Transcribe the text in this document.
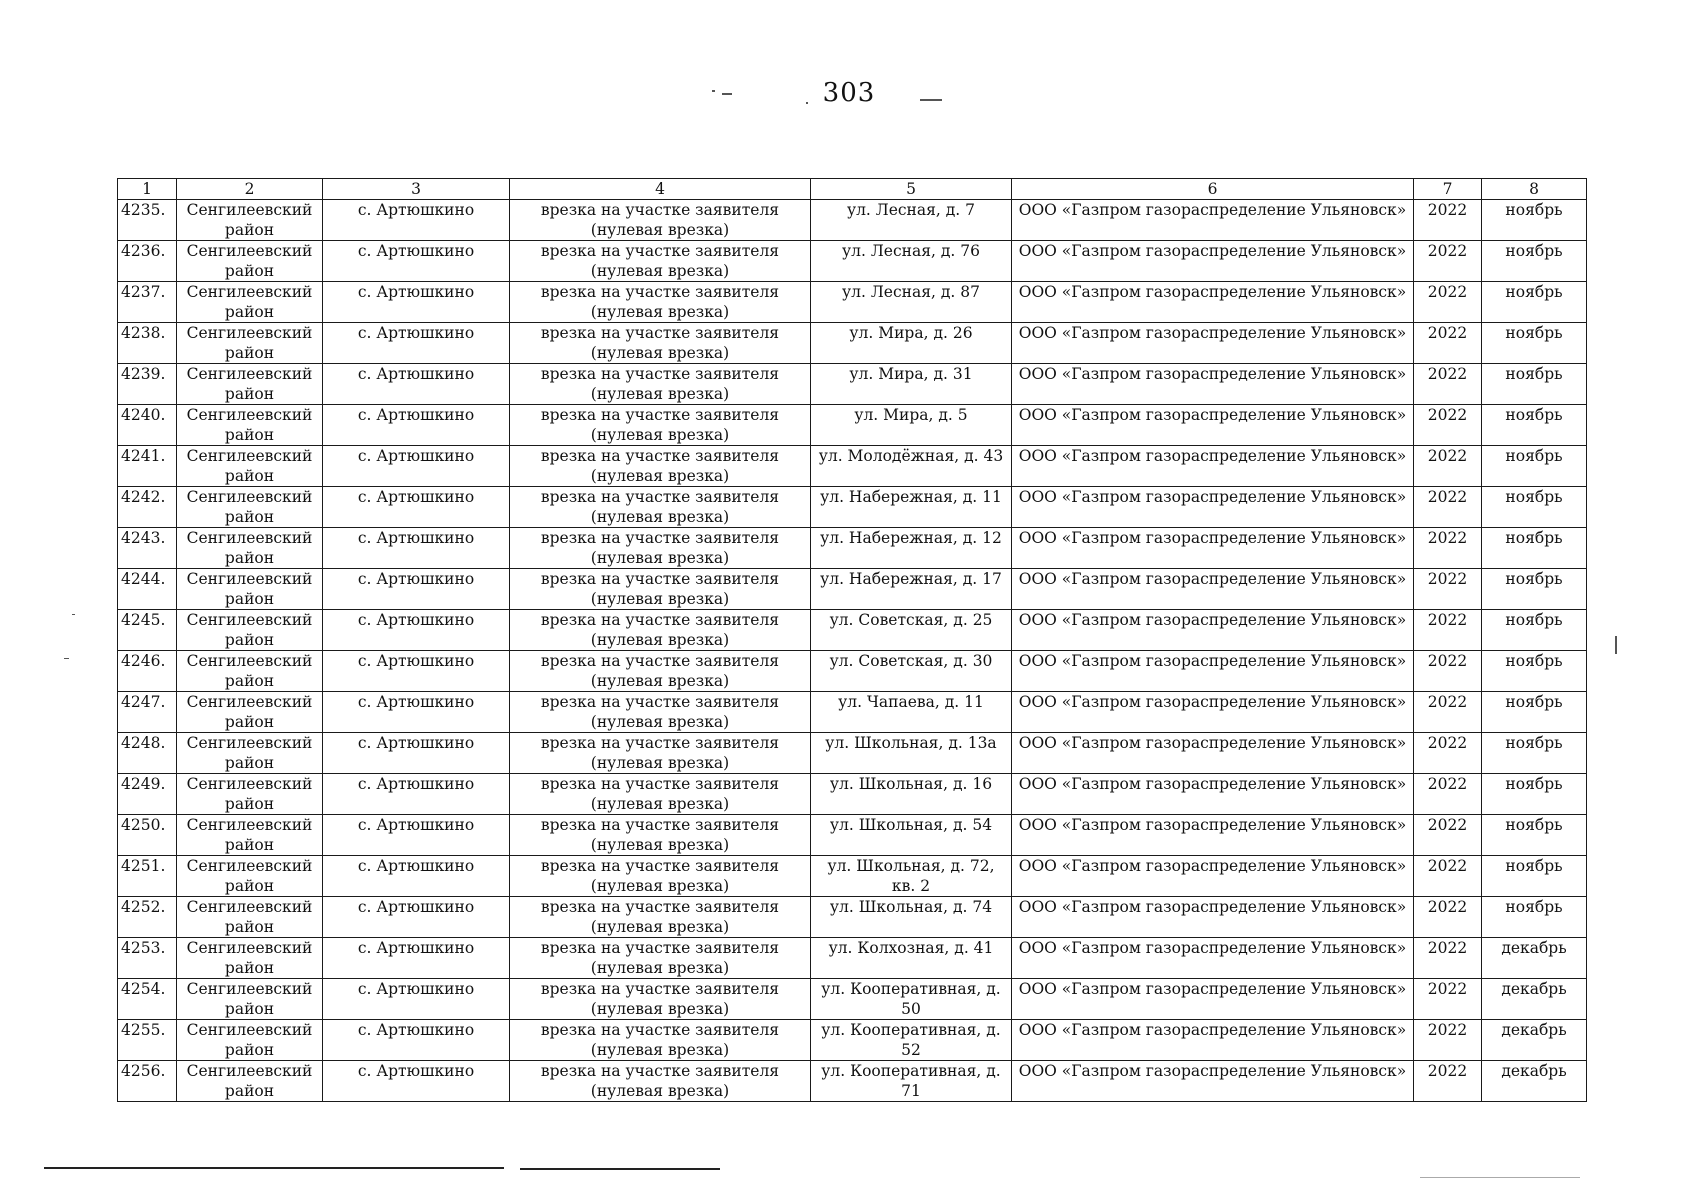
303
1	2	3	4	5	6	7	8
4235.	Сенгилеевский район	с. Артюшкино	врезка на участке заявителя (нулевая врезка)	ул. Лесная, д. 7	ООО «Газпром газораспределение Ульяновск»	2022	ноябрь
4236.	Сенгилеевский район	с. Артюшкино	врезка на участке заявителя (нулевая врезка)	ул. Лесная, д. 76	ООО «Газпром газораспределение Ульяновск»	2022	ноябрь
4237.	Сенгилеевский район	с. Артюшкино	врезка на участке заявителя (нулевая врезка)	ул. Лесная, д. 87	ООО «Газпром газораспределение Ульяновск»	2022	ноябрь
4238.	Сенгилеевский район	с. Артюшкино	врезка на участке заявителя (нулевая врезка)	ул. Мира, д. 26	ООО «Газпром газораспределение Ульяновск»	2022	ноябрь
4239.	Сенгилеевский район	с. Артюшкино	врезка на участке заявителя (нулевая врезка)	ул. Мира, д. 31	ООО «Газпром газораспределение Ульяновск»	2022	ноябрь
4240.	Сенгилеевский район	с. Артюшкино	врезка на участке заявителя (нулевая врезка)	ул. Мира, д. 5	ООО «Газпром газораспределение Ульяновск»	2022	ноябрь
4241.	Сенгилеевский район	с. Артюшкино	врезка на участке заявителя (нулевая врезка)	ул. Молодёжная, д. 43	ООО «Газпром газораспределение Ульяновск»	2022	ноябрь
4242.	Сенгилеевский район	с. Артюшкино	врезка на участке заявителя (нулевая врезка)	ул. Набережная, д. 11	ООО «Газпром газораспределение Ульяновск»	2022	ноябрь
4243.	Сенгилеевский район	с. Артюшкино	врезка на участке заявителя (нулевая врезка)	ул. Набережная, д. 12	ООО «Газпром газораспределение Ульяновск»	2022	ноябрь
4244.	Сенгилеевский район	с. Артюшкино	врезка на участке заявителя (нулевая врезка)	ул. Набережная, д. 17	ООО «Газпром газораспределение Ульяновск»	2022	ноябрь
4245.	Сенгилеевский район	с. Артюшкино	врезка на участке заявителя (нулевая врезка)	ул. Советская, д. 25	ООО «Газпром газораспределение Ульяновск»	2022	ноябрь
4246.	Сенгилеевский район	с. Артюшкино	врезка на участке заявителя (нулевая врезка)	ул. Советская, д. 30	ООО «Газпром газораспределение Ульяновск»	2022	ноябрь
4247.	Сенгилеевский район	с. Артюшкино	врезка на участке заявителя (нулевая врезка)	ул. Чапаева, д. 11	ООО «Газпром газораспределение Ульяновск»	2022	ноябрь
4248.	Сенгилеевский район	с. Артюшкино	врезка на участке заявителя (нулевая врезка)	ул. Школьная, д. 13а	ООО «Газпром газораспределение Ульяновск»	2022	ноябрь
4249.	Сенгилеевский район	с. Артюшкино	врезка на участке заявителя (нулевая врезка)	ул. Школьная, д. 16	ООО «Газпром газораспределение Ульяновск»	2022	ноябрь
4250.	Сенгилеевский район	с. Артюшкино	врезка на участке заявителя (нулевая врезка)	ул. Школьная, д. 54	ООО «Газпром газораспределение Ульяновск»	2022	ноябрь
4251.	Сенгилеевский район	с. Артюшкино	врезка на участке заявителя (нулевая врезка)	ул. Школьная, д. 72, кв. 2	ООО «Газпром газораспределение Ульяновск»	2022	ноябрь
4252.	Сенгилеевский район	с. Артюшкино	врезка на участке заявителя (нулевая врезка)	ул. Школьная, д. 74	ООО «Газпром газораспределение Ульяновск»	2022	ноябрь
4253.	Сенгилеевский район	с. Артюшкино	врезка на участке заявителя (нулевая врезка)	ул. Колхозная, д. 41	ООО «Газпром газораспределение Ульяновск»	2022	декабрь
4254.	Сенгилеевский район	с. Артюшкино	врезка на участке заявителя (нулевая врезка)	ул. Кооперативная, д. 50	ООО «Газпром газораспределение Ульяновск»	2022	декабрь
4255.	Сенгилеевский район	с. Артюшкино	врезка на участке заявителя (нулевая врезка)	ул. Кооперативная, д. 52	ООО «Газпром газораспределение Ульяновск»	2022	декабрь
4256.	Сенгилеевский район	с. Артюшкино	врезка на участке заявителя (нулевая врезка)	ул. Кооперативная, д. 71	ООО «Газпром газораспределение Ульяновск»	2022	декабрь
